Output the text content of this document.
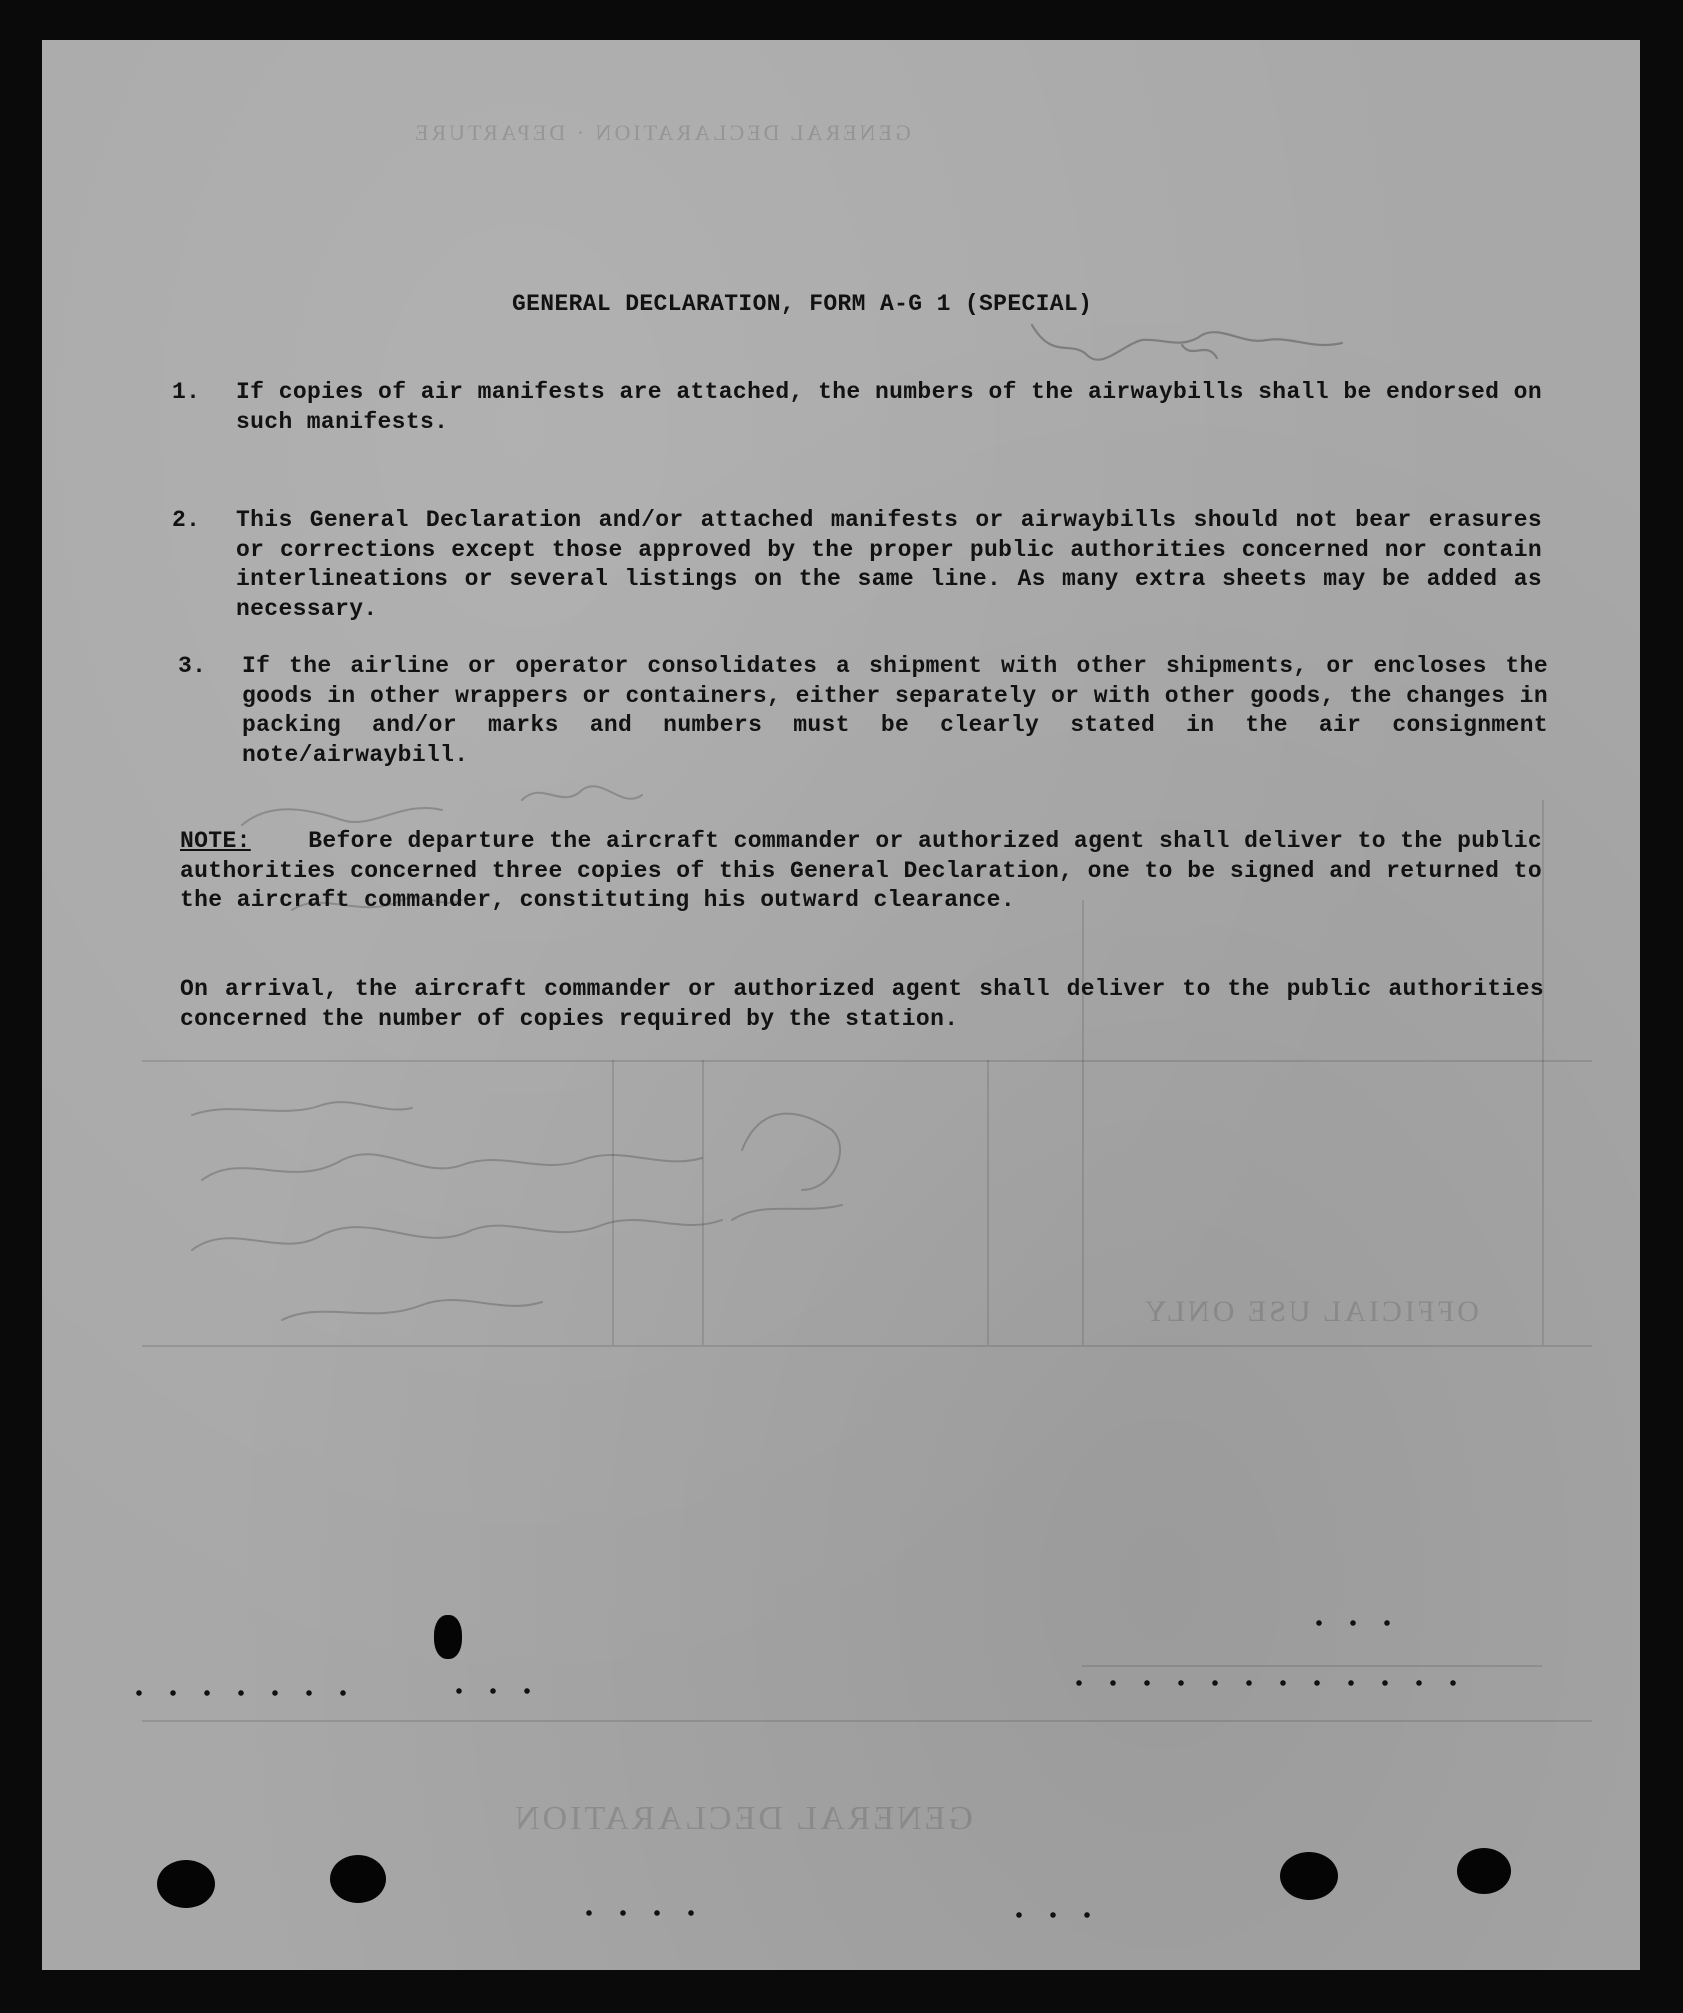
OFFICIAL USE ONLY
GENERAL DECLARATION
GENERAL DECLARATION · DEPARTURE
GENERAL DECLARATION, FORM A-G 1 (SPECIAL)
1.	If copies of air manifests are attached, the numbers of the airwaybills shall be endorsed on such manifests.
2.	This General Declaration and/or attached manifests or airwaybills should not bear erasures or corrections except those approved by the proper public authorities concerned nor contain interlineations or several listings on the same line. As many extra sheets may be added as necessary.
3.	If the airline or operator consolidates a shipment with other shipments, or encloses the goods in other wrappers or containers, either separately or with other goods, the changes in packing and/or marks and numbers must be clearly stated in the air consignment note/airwaybill.
NOTE: Before departure the aircraft commander or authorized agent shall deliver to the public authorities concerned three copies of this General Declaration, one to be signed and returned to the aircraft commander, constituting his outward clearance.
On arrival, the aircraft commander or authorized agent shall deliver to the public authorities concerned the number of copies required by the station.
